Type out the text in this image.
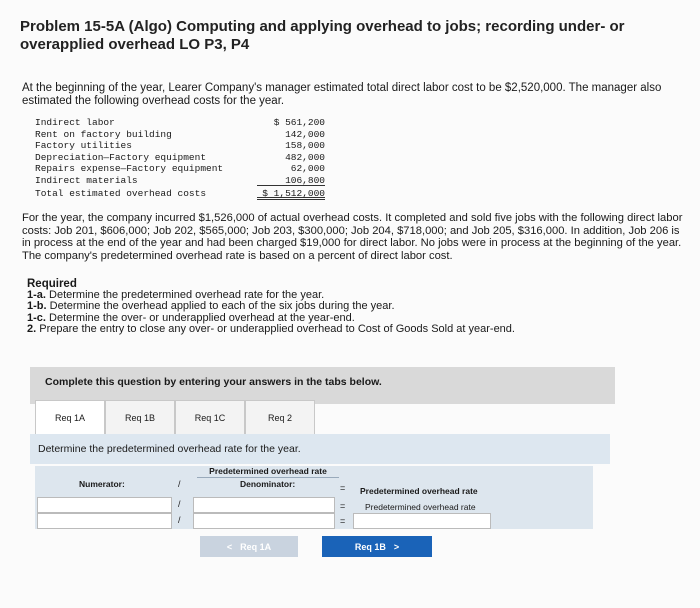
Problem 15-5A (Algo) Computing and applying overhead to jobs; recording under- or overapplied overhead LO P3, P4
At the beginning of the year, Learer Company's manager estimated total direct labor cost to be $2,520,000. The manager also estimated the following overhead costs for the year.
Indirect labor	$ 561,200
Rent on factory building	142,000
Factory utilities	158,000
Depreciation—Factory equipment	482,000
Repairs expense—Factory equipment	62,000
Indirect materials	106,800
Total estimated overhead costs	$ 1,512,000
For the year, the company incurred $1,526,000 of actual overhead costs. It completed and sold five jobs with the following direct labor costs: Job 201, $606,000; Job 202, $565,000; Job 203, $300,000; Job 204, $718,000; and Job 205, $316,000. In addition, Job 206 is in process at the end of the year and had been charged $19,000 for direct labor. No jobs were in process at the beginning of the year. The company's predetermined overhead rate is based on a percent of direct labor cost.
Required
1-a. Determine the predetermined overhead rate for the year.
1-b. Determine the overhead applied to each of the six jobs during the year.
1-c. Determine the over- or underapplied overhead at the year-end.
2. Prepare the entry to close any over- or underapplied overhead to Cost of Goods Sold at year-end.
Complete this question by entering your answers in the tabs below.
Req 1A	Req 1B	Req 1C	Req 2
Determine the predetermined overhead rate for the year.
Predetermined overhead rate
Numerator:	/	Denominator:	= Predetermined overhead rate
/	= Predetermined overhead rate
/	=
< Req 1A	Req 1B >
